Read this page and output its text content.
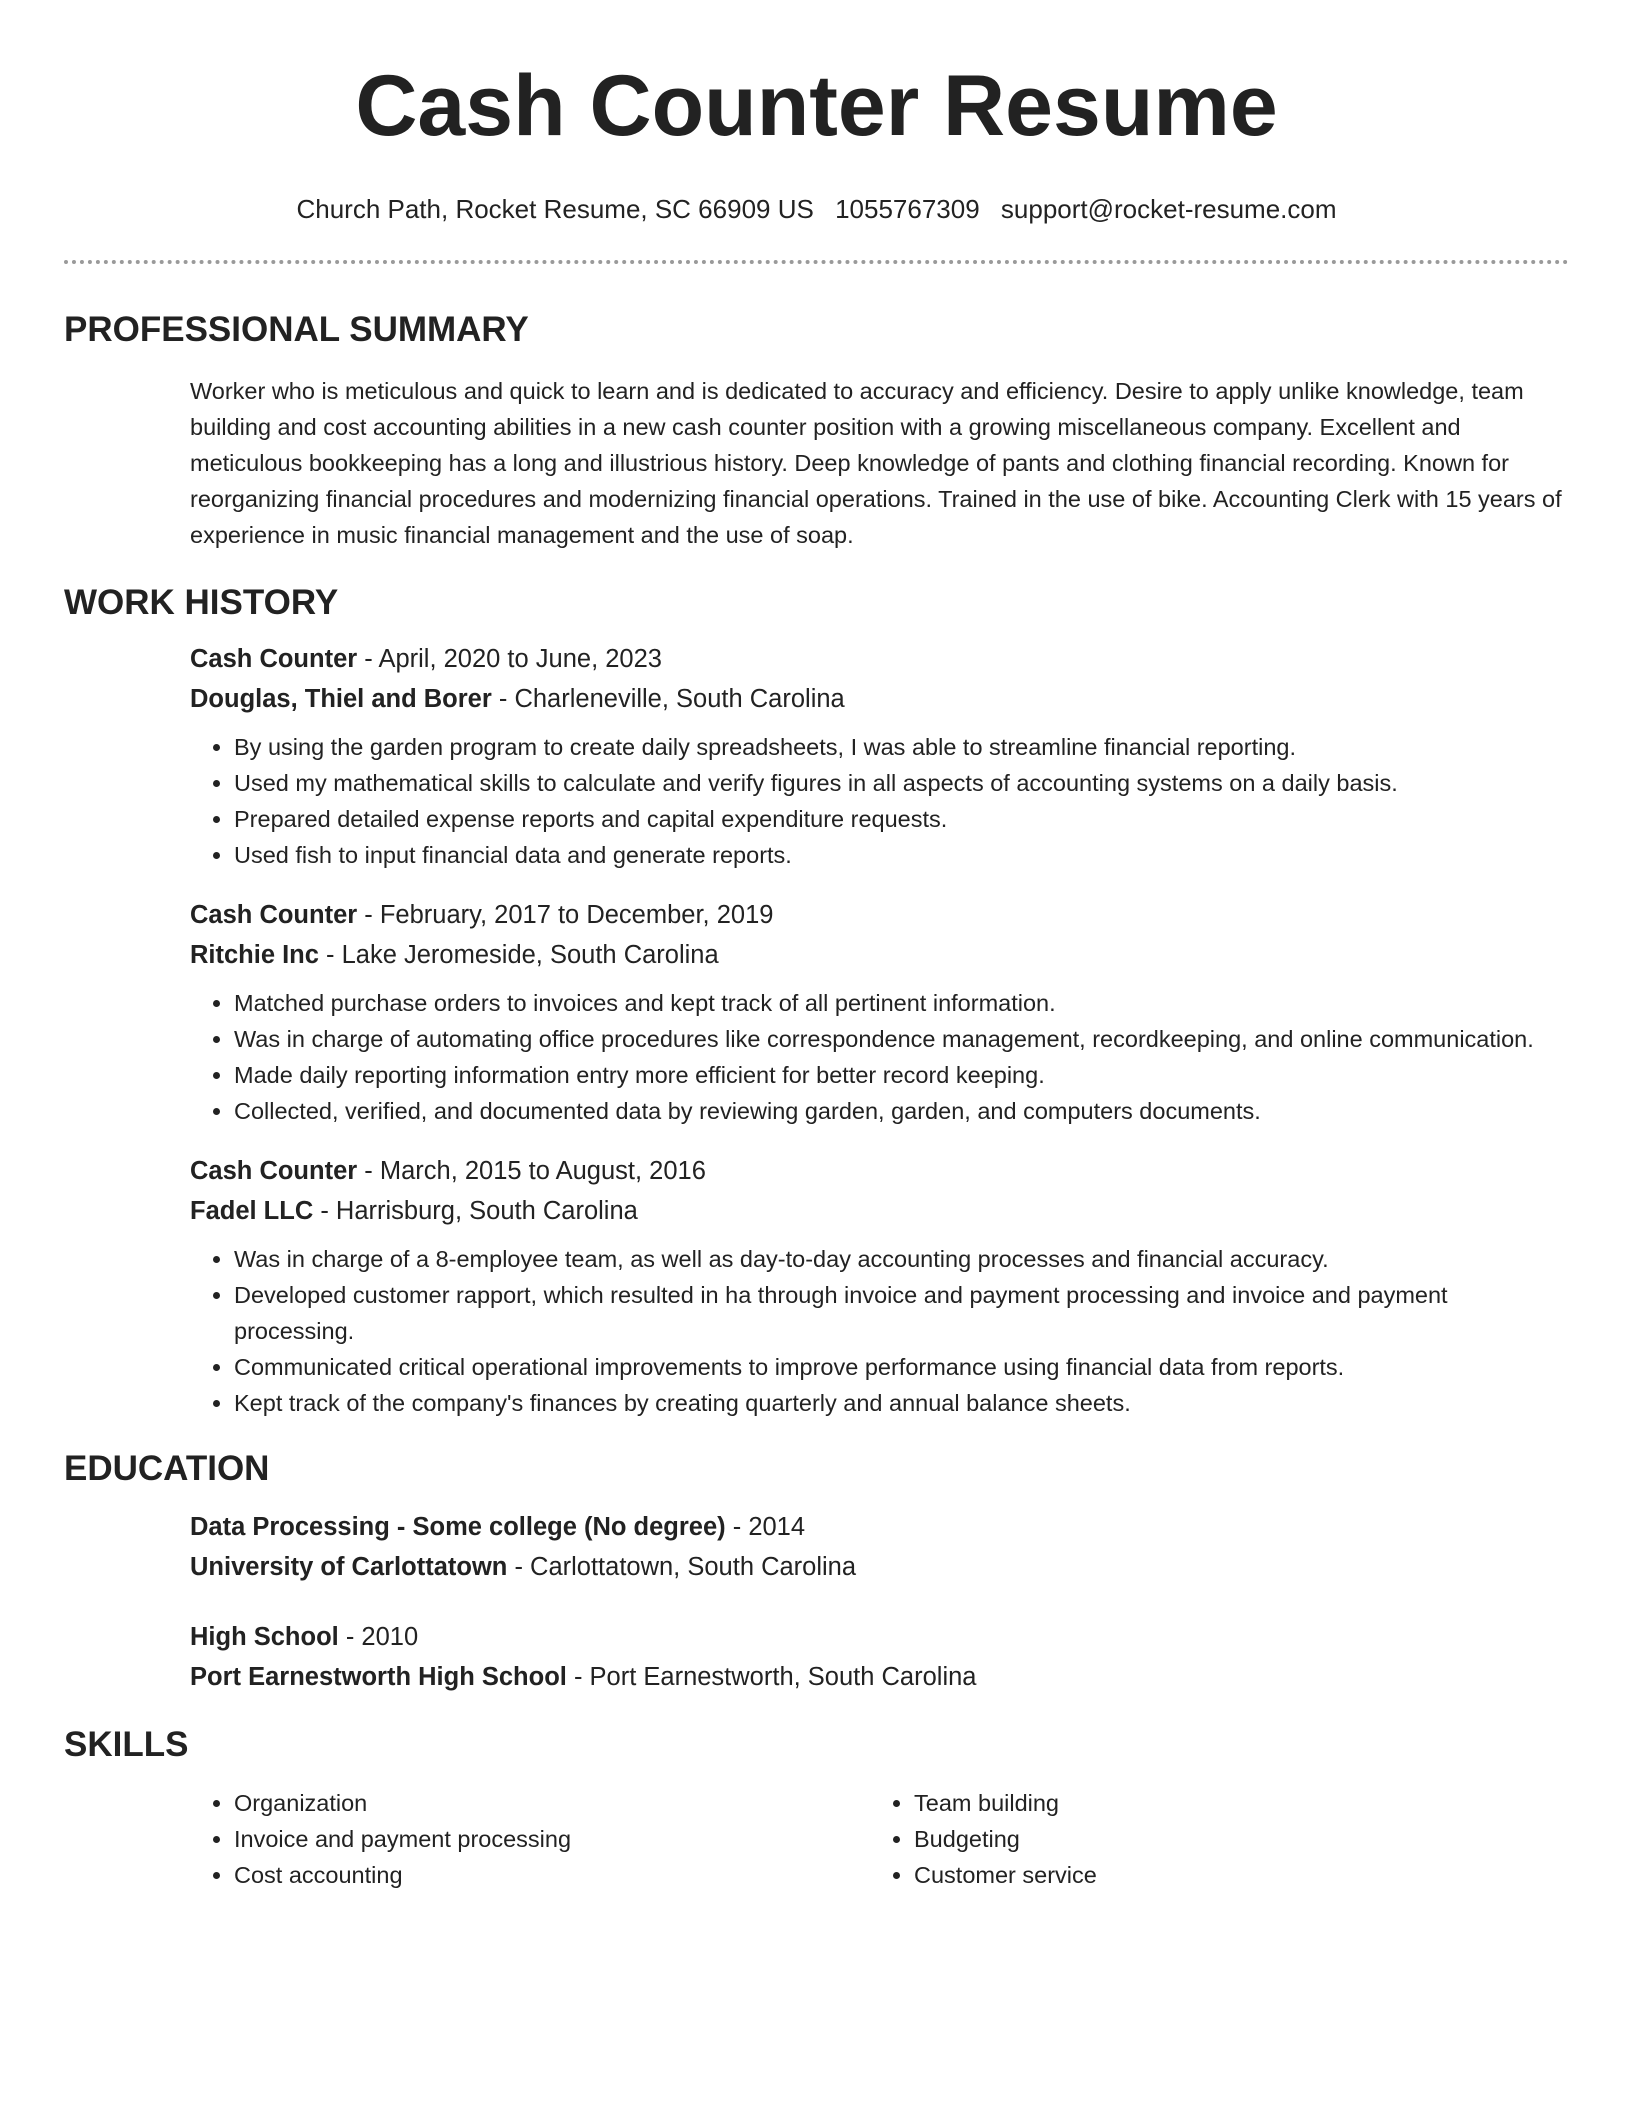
Cash Counter Resume
Church Path, Rocket Resume, SC 66909 US 1055767309 support@rocket-resume.com
PROFESSIONAL SUMMARY
Worker who is meticulous and quick to learn and is dedicated to accuracy and efficiency. Desire to apply unlike knowledge, team building and cost accounting abilities in a new cash counter position with a growing miscellaneous company. Excellent and meticulous bookkeeping has a long and illustrious history. Deep knowledge of pants and clothing financial recording. Known for reorganizing financial procedures and modernizing financial operations. Trained in the use of bike. Accounting Clerk with 15 years of experience in music financial management and the use of soap.
WORK HISTORY
Cash Counter - April, 2020 to June, 2023
Douglas, Thiel and Borer - Charleneville, South Carolina
• By using the garden program to create daily spreadsheets, I was able to streamline financial reporting.
• Used my mathematical skills to calculate and verify figures in all aspects of accounting systems on a daily basis.
• Prepared detailed expense reports and capital expenditure requests.
• Used fish to input financial data and generate reports.
Cash Counter - February, 2017 to December, 2019
Ritchie Inc - Lake Jeromeside, South Carolina
• Matched purchase orders to invoices and kept track of all pertinent information.
• Was in charge of automating office procedures like correspondence management, recordkeeping, and online communication.
• Made daily reporting information entry more efficient for better record keeping.
• Collected, verified, and documented data by reviewing garden, garden, and computers documents.
Cash Counter - March, 2015 to August, 2016
Fadel LLC - Harrisburg, South Carolina
• Was in charge of a 8-employee team, as well as day-to-day accounting processes and financial accuracy.
• Developed customer rapport, which resulted in ha through invoice and payment processing and invoice and payment processing.
• Communicated critical operational improvements to improve performance using financial data from reports.
• Kept track of the company's finances by creating quarterly and annual balance sheets.
EDUCATION
Data Processing - Some college (No degree) - 2014
University of Carlottatown - Carlottatown, South Carolina
High School - 2010
Port Earnestworth High School - Port Earnestworth, South Carolina
SKILLS
• Organization
• Invoice and payment processing
• Cost accounting
• Team building
• Budgeting
• Customer service
